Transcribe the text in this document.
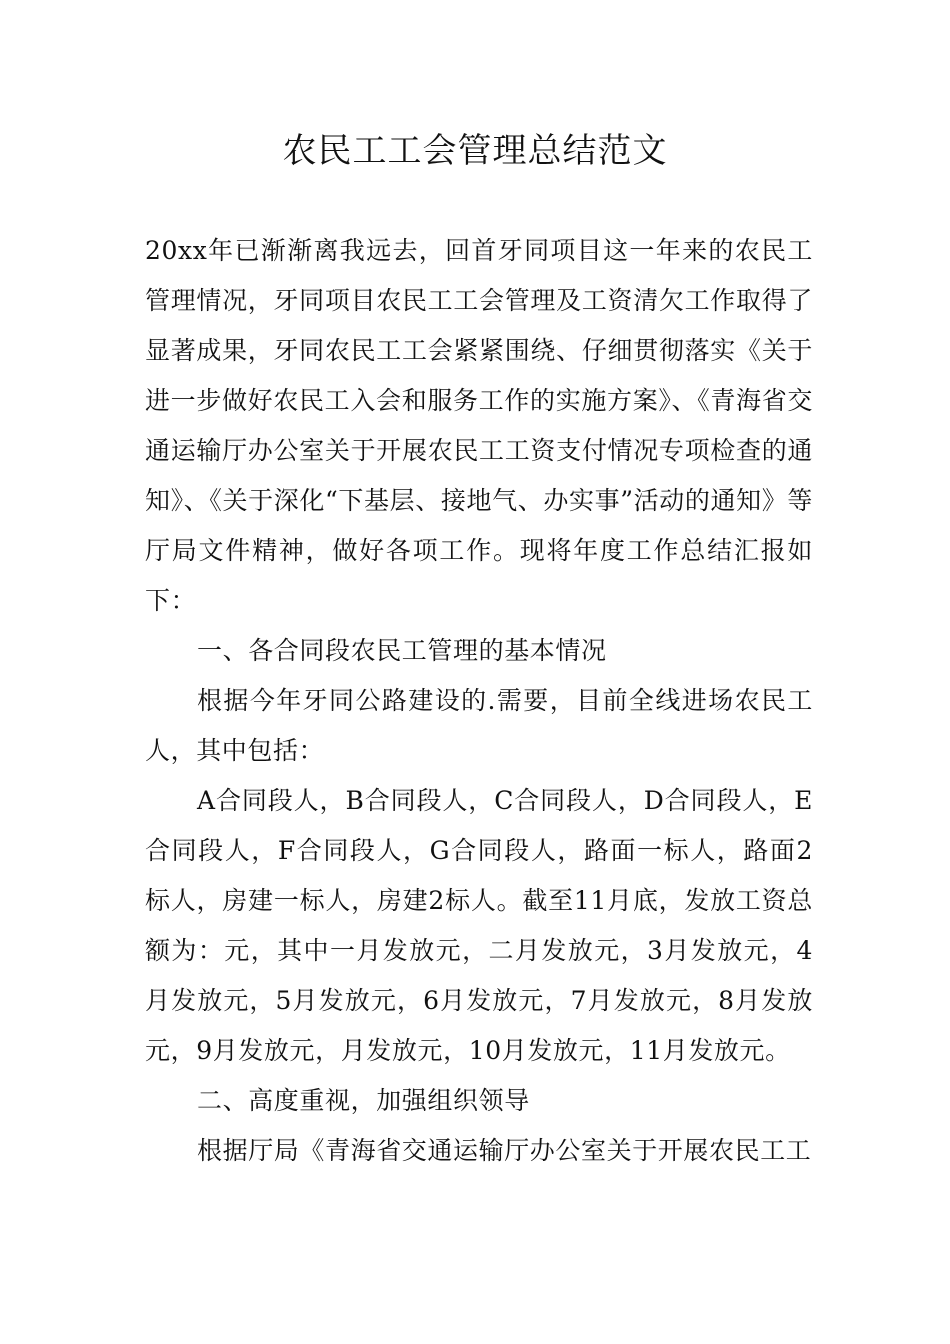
农民工工会管理总结范文

20xx年已渐渐离我远去，回首牙同项目这一年来的农民工管理情况，牙同项目农民工工会管理及工资清欠工作取得了显著成果，牙同农民工工会紧紧围绕、仔细贯彻落实《关于进一步做好农民工入会和服务工作的实施方案》、《青海省交通运输厅办公室关于开展农民工工资支付情况专项检查的通知》、《关于深化“下基层、接地气、办实事”活动的通知》等厅局文件精神，做好各项工作。现将年度工作总结汇报如下：

一、各合同段农民工管理的基本情况

根据今年牙同公路建设的.需要，目前全线进场农民工人，其中包括：

A合同段人，B合同段人，C合同段人，D合同段人，E合同段人，F合同段人，G合同段人，路面一标人，路面2标人，房建一标人，房建2标人。截至11月底，发放工资总额为：元，其中一月发放元，二月发放元，3月发放元，4月发放元，5月发放元，6月发放元，7月发放元，8月发放元，9月发放元，月发放元，10月发放元，11月发放元。

二、高度重视，加强组织领导

根据厅局《青海省交通运输厅办公室关于开展农民工工
